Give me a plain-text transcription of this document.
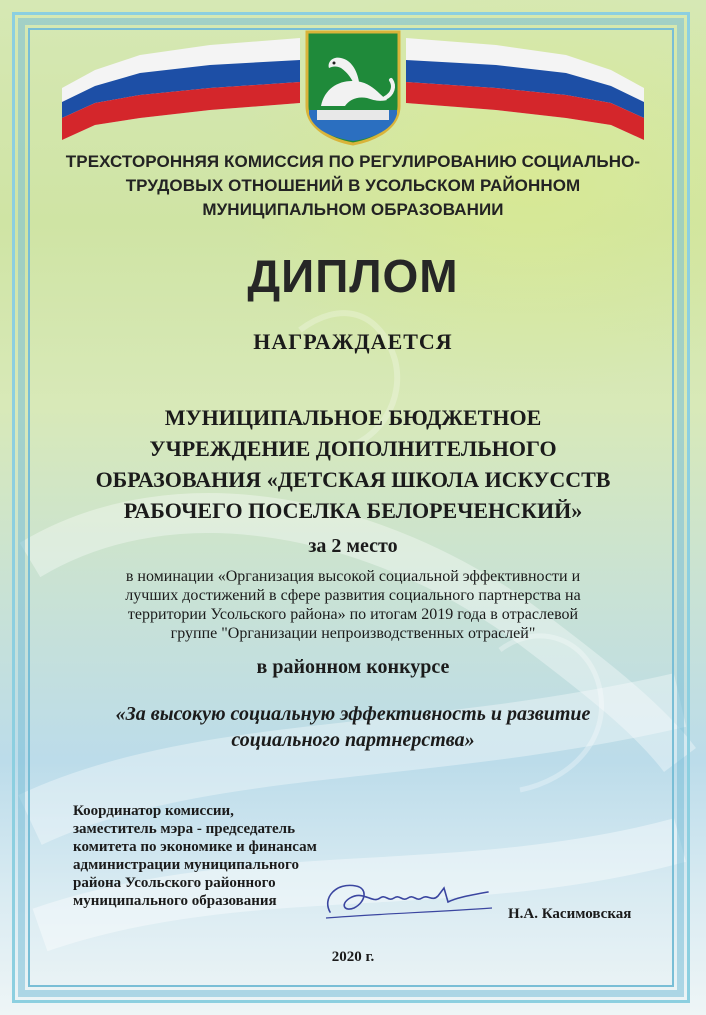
ТРЕХСТОРОННЯЯ КОМИССИЯ ПО РЕГУЛИРОВАНИЮ СОЦИАЛЬНО-
ТРУДОВЫХ ОТНОШЕНИЙ В УСОЛЬСКОМ РАЙОННОМ
МУНИЦИПАЛЬНОМ ОБРАЗОВАНИИ
ДИПЛОМ
НАГРАЖДАЕТСЯ
МУНИЦИПАЛЬНОЕ БЮДЖЕТНОЕ
УЧРЕЖДЕНИЕ ДОПОЛНИТЕЛЬНОГО
ОБРАЗОВАНИЯ «ДЕТСКАЯ ШКОЛА ИСКУССТВ
РАБОЧЕГО ПОСЕЛКА БЕЛОРЕЧЕНСКИЙ»
за 2 место
в номинации «Организация высокой социальной эффективности и
лучших достижений в сфере развития социального партнерства на
территории Усольского района» по итогам 2019 года в отраслевой
группе "Организации непроизводственных отраслей"
в районном конкурсе
«За высокую социальную эффективность и развитие
социального партнерства»
Координатор комиссии,
заместитель мэра - председатель
комитета по экономике и финансам
администрации муниципального
района Усольского районного
муниципального образования
Н.А. Касимовская
2020 г.
